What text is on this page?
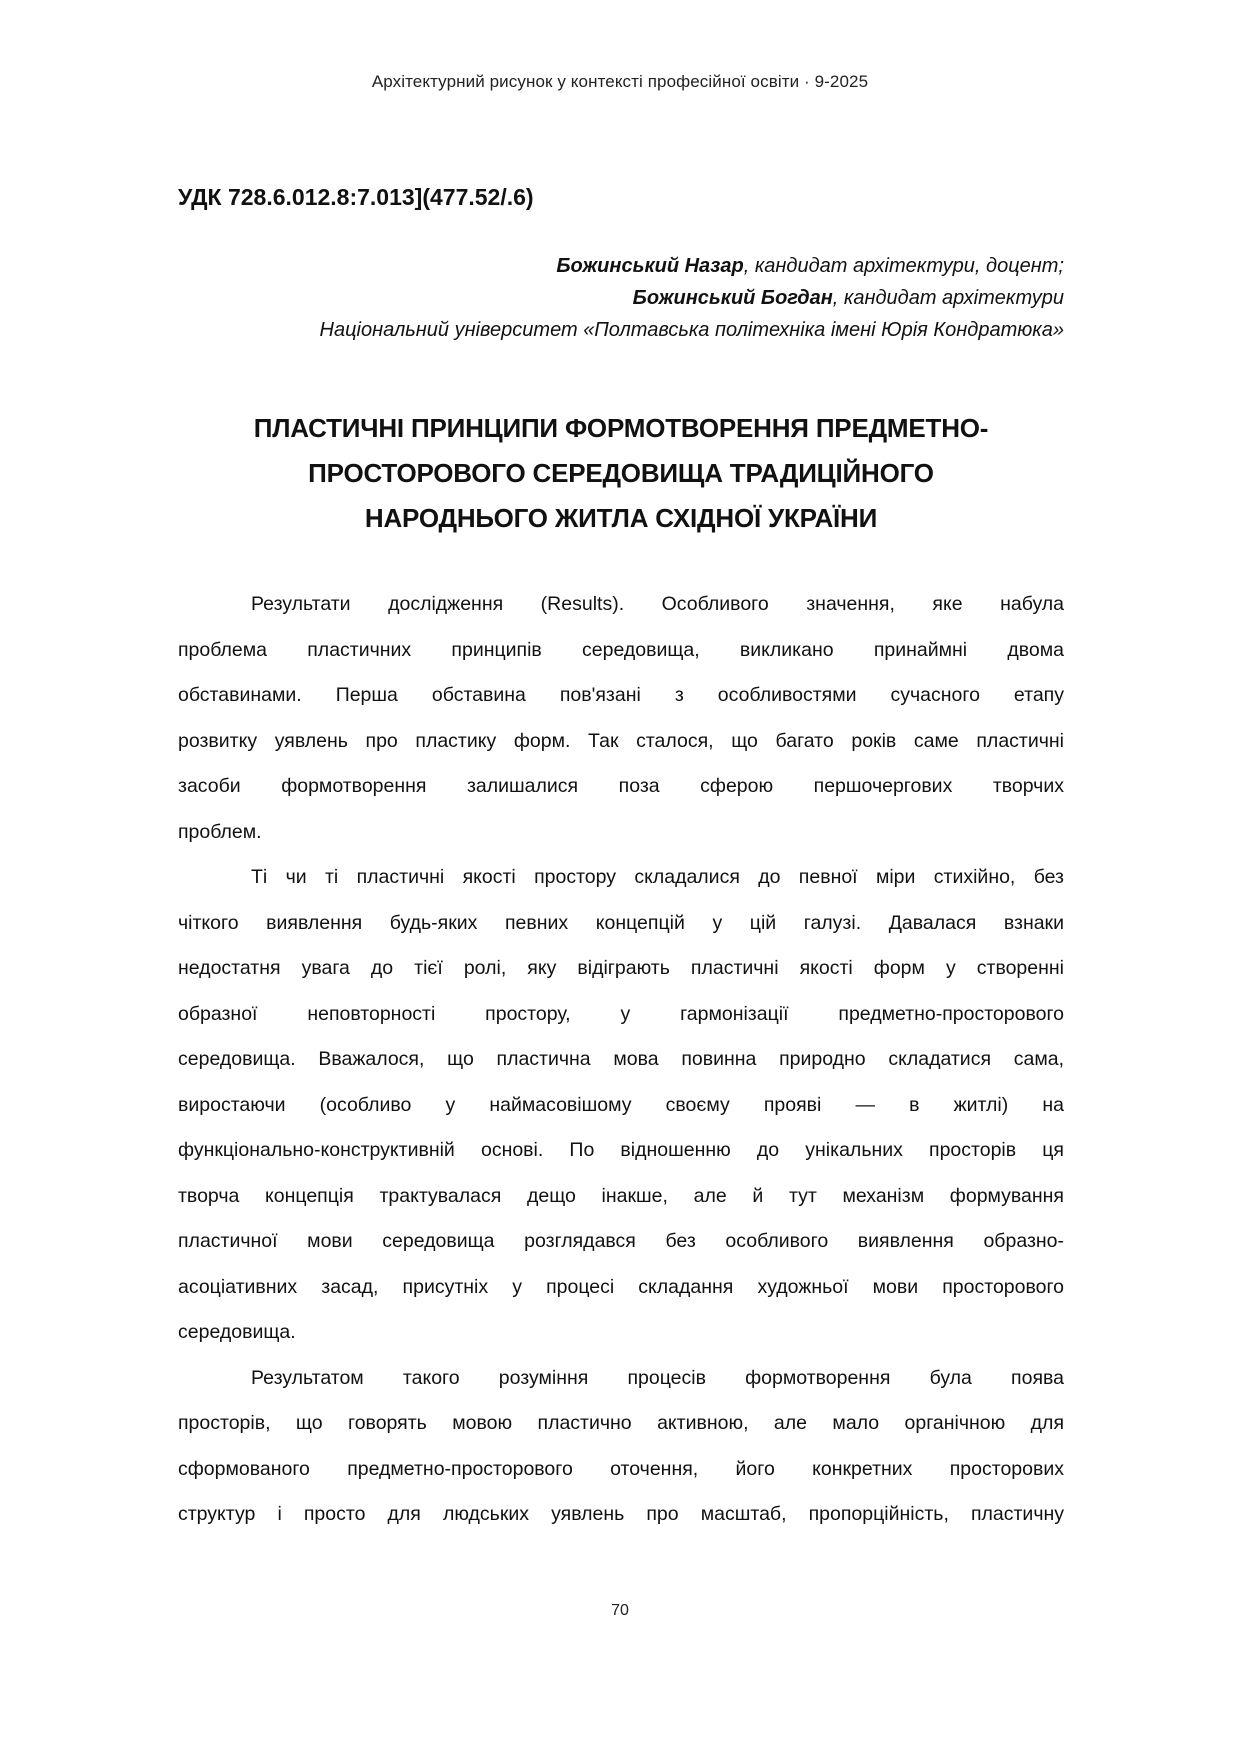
Архітектурний рисунок у контексті професійної освіти · 9-2025
УДК 728.6.012.8:7.013](477.52/.6)
Божинський Назар, кандидат архітектури, доцент;
Божинський Богдан, кандидат архітектури
Національний університет «Полтавська політехніка імені Юрія Кондратюка»
ПЛАСТИЧНІ ПРИНЦИПИ ФОРМОТВОРЕННЯ ПРЕДМЕТНО-
ПРОСТОРОВОГО СЕРЕДОВИЩА ТРАДИЦІЙНОГО
НАРОДНЬОГО ЖИТЛА СХІДНОЇ УКРАЇНИ
Результати дослідження (Results). Особливого значення, яке набула
проблема пластичних принципів середовища, викликано принаймні двома
обставинами. Перша обставина пов'язані з особливостями сучасного етапу
розвитку уявлень про пластику форм. Так сталося, що багато років саме пластичні
засоби формотворення залишалися поза сферою першочергових творчих
проблем.
Ті чи ті пластичні якості простору складалися до певної міри стихійно, без
чіткого виявлення будь-яких певних концепцій у цій галузі. Давалася взнаки
недостатня увага до тієї ролі, яку відіграють пластичні якості форм у створенні
образної неповторності простору, у гармонізації предметно-просторового
середовища. Вважалося, що пластична мова повинна природно складатися сама,
виростаючи (особливо у наймасовішому своєму прояві — в житлі) на
функціонально-конструктивній основі. По відношенню до унікальних просторів ця
творча концепція трактувалася дещо інакше, але й тут механізм формування
пластичної мови середовища розглядався без особливого виявлення образно-
асоціативних засад, присутніх у процесі складання художньої мови просторового
середовища.
Результатом такого розуміння процесів формотворення була поява
просторів, що говорять мовою пластично активною, але мало органічною для
сформованого предметно-просторового оточення, його конкретних просторових
структур і просто для людських уявлень про масштаб, пропорційність, пластичну
70
